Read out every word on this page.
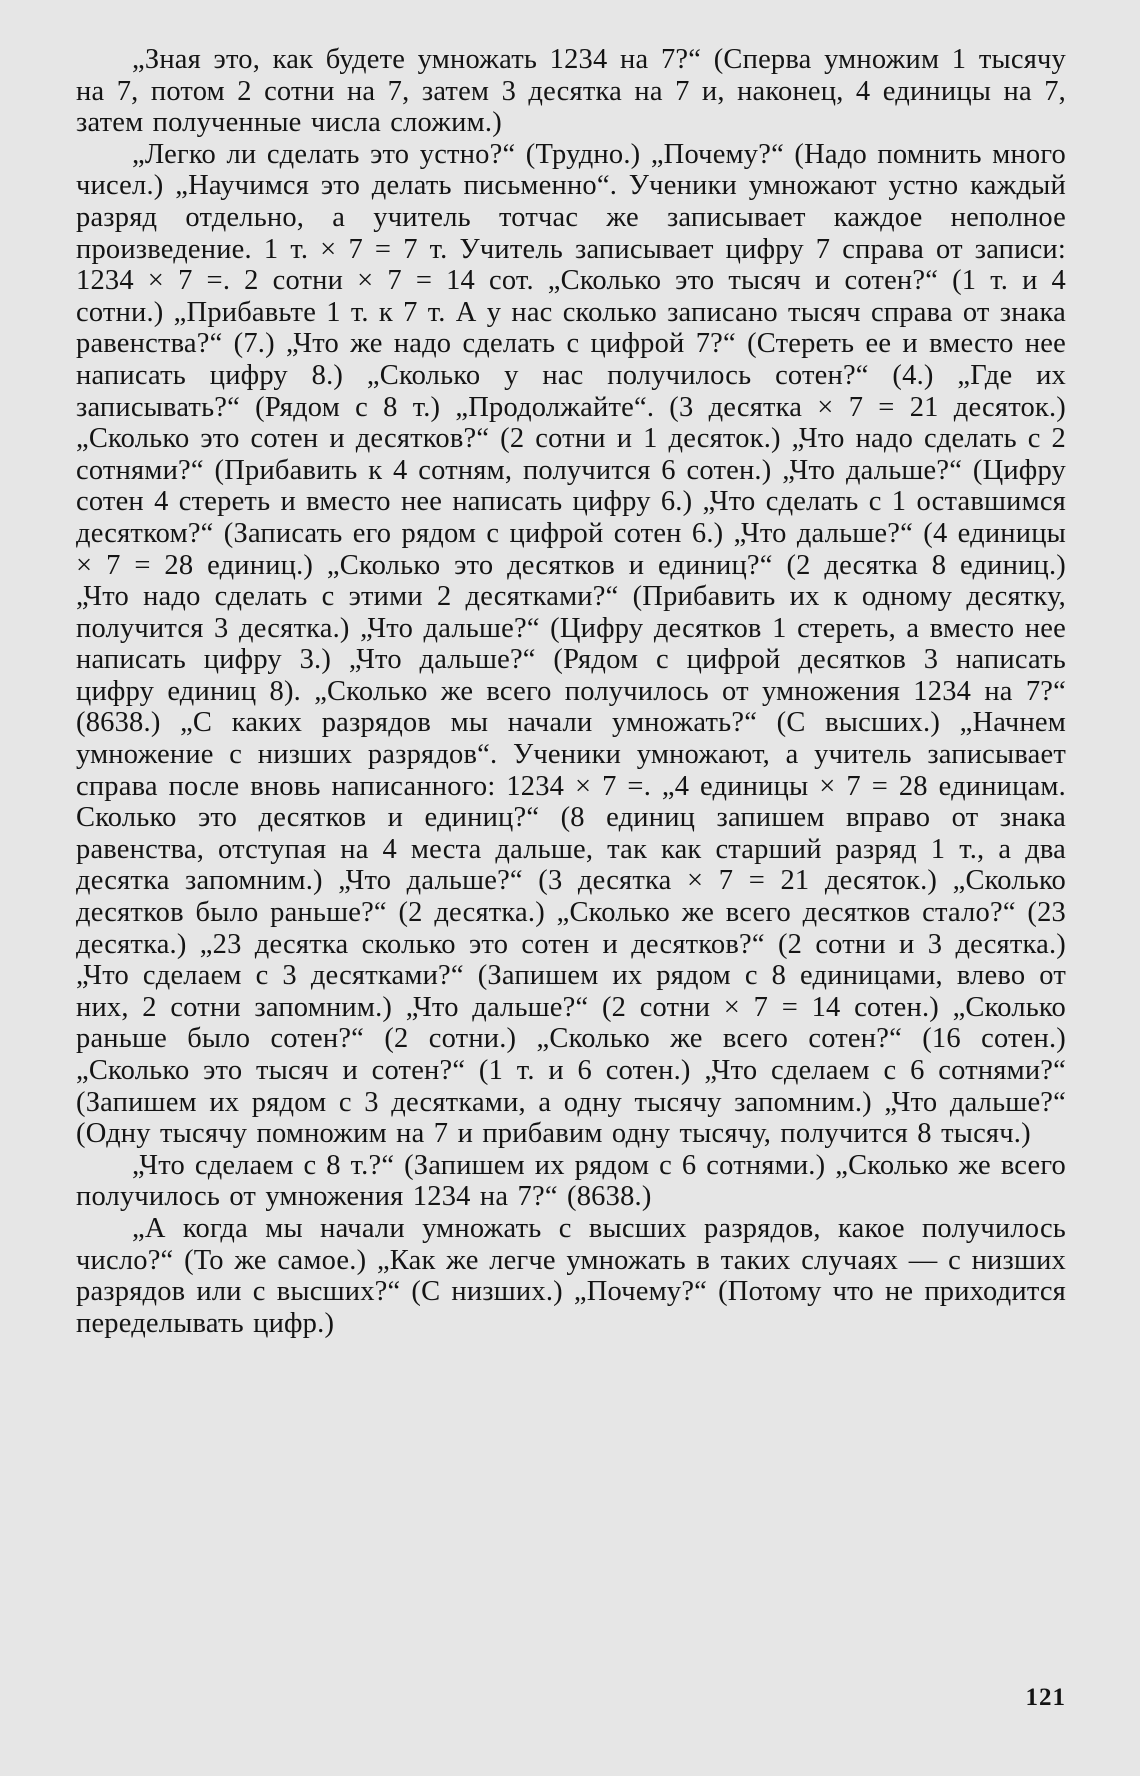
„Зная это, как будете умножать 1234 на 7?“ (Сперва умножим 1 тысячу на 7, потом 2 сотни на 7, затем 3 десятка на 7 и, наконец, 4 единицы на 7, затем полученные числа сложим.)

„Легко ли сделать это устно?“ (Трудно.) „Почему?“ (Надо помнить много чисел.) „Научимся это делать письменно“. Ученики умножают устно каждый разряд отдельно, а учитель тотчас же записывает каждое неполное произведение. 1 т. × 7 = 7 т. Учитель записывает цифру 7 справа от записи: 1234 × 7 =. 2 сотни × 7 = 14 сот. „Сколько это тысяч и сотен?“ (1 т. и 4 сотни.) „Прибавьте 1 т. к 7 т. А у нас сколько записано тысяч справа от знака равенства?“ (7.) „Что же надо сделать с цифрой 7?“ (Стереть ее и вместо нее написать цифру 8.) „Сколько у нас получилось сотен?“ (4.) „Где их записывать?“ (Рядом с 8 т.) „Продолжайте“. (3 десятка × 7 = 21 десяток.) „Сколько это сотен и десятков?“ (2 сотни и 1 десяток.) „Что надо сделать с 2 сотнями?“ (Прибавить к 4 сотням, получится 6 сотен.) „Что дальше?“ (Цифру сотен 4 стереть и вместо нее написать цифру 6.) „Что сделать с 1 оставшимся десятком?“ (Записать его рядом с цифрой сотен 6.) „Что дальше?“ (4 единицы × 7 = 28 единиц.) „Сколько это десятков и единиц?“ (2 десятка 8 единиц.) „Что надо сделать с этими 2 десятками?“ (Прибавить их к одному десятку, получится 3 десятка.) „Что дальше?“ (Цифру десятков 1 стереть, а вместо нее написать цифру 3.) „Что дальше?“ (Рядом с цифрой десятков 3 написать цифру единиц 8). „Сколько же всего получилось от умножения 1234 на 7?“ (8638.) „С каких разрядов мы начали умножать?“ (С высших.) „Начнем умножение с низших разрядов“. Ученики умножают, а учитель записывает справа после вновь написанного: 1234 × 7 =. „4 единицы × 7 = 28 единицам. Сколько это десятков и единиц?“ (8 единиц запишем вправо от знака равенства, отступая на 4 места дальше, так как старший разряд 1 т., а два десятка запомним.) „Что дальше?“ (3 десятка × 7 = 21 десяток.) „Сколько десятков было раньше?“ (2 десятка.) „Сколько же всего десятков стало?“ (23 десятка.) „23 десятка сколько это сотен и десятков?“ (2 сотни и 3 десятка.) „Что сделаем с 3 десятками?“ (Запишем их рядом с 8 единицами, влево от них, 2 сотни запомним.) „Что дальше?“ (2 сотни × 7 = 14 сотен.) „Сколько раньше было сотен?“ (2 сотни.) „Сколько же всего сотен?“ (16 сотен.) „Сколько это тысяч и сотен?“ (1 т. и 6 сотен.) „Что сделаем с 6 сотнями?“ (Запишем их рядом с 3 десятками, а одну тысячу запомним.) „Что дальше?“ (Одну тысячу помножим на 7 и прибавим одну тысячу, получится 8 тысяч.)

„Что сделаем с 8 т.?“ (Запишем их рядом с 6 сотнями.) „Сколько же всего получилось от умножения 1234 на 7?“ (8638.)

„А когда мы начали умножать с высших разрядов, какое получилось число?“ (То же самое.) „Как же легче умножать в таких случаях — с низших разрядов или с высших?“ (С низших.) „Почему?“ (Потому что не приходится переделывать цифр.)

121
